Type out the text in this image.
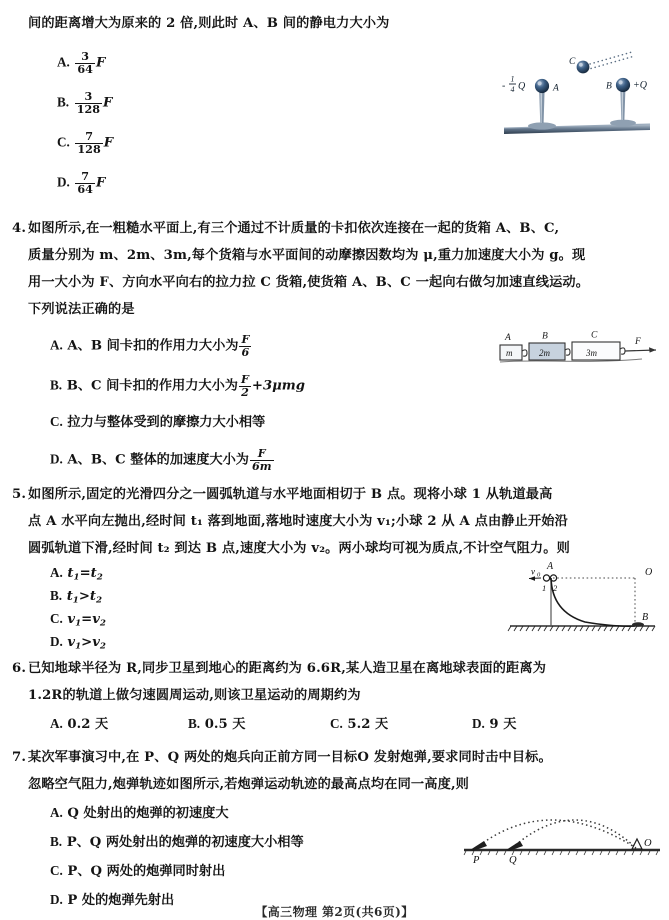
间的距离增大为原来的 2 倍,则此时 A、B 间的静电力大小为
A. $\frac{3}{64}$ F
B. $\frac{3}{128}$ F
C. $\frac{7}{128}$ F
D. $\frac{7}{64}$ F
1
4
- Q	A	B +Q
C
4. 如图所示,在一粗糙水平面上,有三个通过不计质量的卡扣依次连接在一起的货箱 A、B、C,
质量分别为 m、2m、3m,每个货箱与水平面间的动摩擦因数均为 μ,重力加速度大小为 g。现
用一大小为 F、方向水平向右的拉力拉 C 货箱,使货箱 A、B、C 一起向右做匀加速直线运动。
下列说法正确的是
A. A、B 间卡扣的作用力大小为 $\frac{F}{6}$
B. B、C 间卡扣的作用力大小为 $\frac{F}{2} +3\mu mg$
C. 拉力与整体受到的摩擦力大小相等
D. A、B、C 整体的加速度大小为 $\frac{F}{6m}$
A	B	C
m	2m	3m
F
5. 如图所示,固定的光滑四分之一圆弧轨道与水平地面相切于 B 点。现将小球 1 从轨道最高
点 A 水平向左抛出,经时间 t₁ 落到地面,落地时速度大小为 v₁;小球 2 从 A 点由静止开始沿
圆弧轨道下滑,经时间 t₂ 到达 B 点,速度大小为 v₂。两小球均可视为质点,不计空气阻力。则
A. $t_1=t_2$
B. $t_1>t_2$
C. $v_1=v_2$
D. $v_1>v_2$
v 0
A
O
B
1 2
6. 已知地球半径为 R,同步卫星到地心的距离约为 6.6R,某人造卫星在离地球表面的距离为
1.2R的轨道上做匀速圆周运动,则该卫星运动的周期约为
A. 0.2 天	B. 0.5 天	C. 5.2 天	D. 9 天
7. 某次军事演习中,在 P、Q 两处的炮兵向正前方同一目标O 发射炮弹,要求同时击中目标。
忽略空气阻力,炮弹轨迹如图所示,若炮弹运动轨迹的最高点均在同一高度,则
A. Q 处射出的炮弹的初速度大
B. P、Q 两处射出的炮弹的初速度大小相等
C. P、Q 两处的炮弹同时射出
D. P 处的炮弹先射出
P	Q
O
【高三物理 第2页(共6页)】
